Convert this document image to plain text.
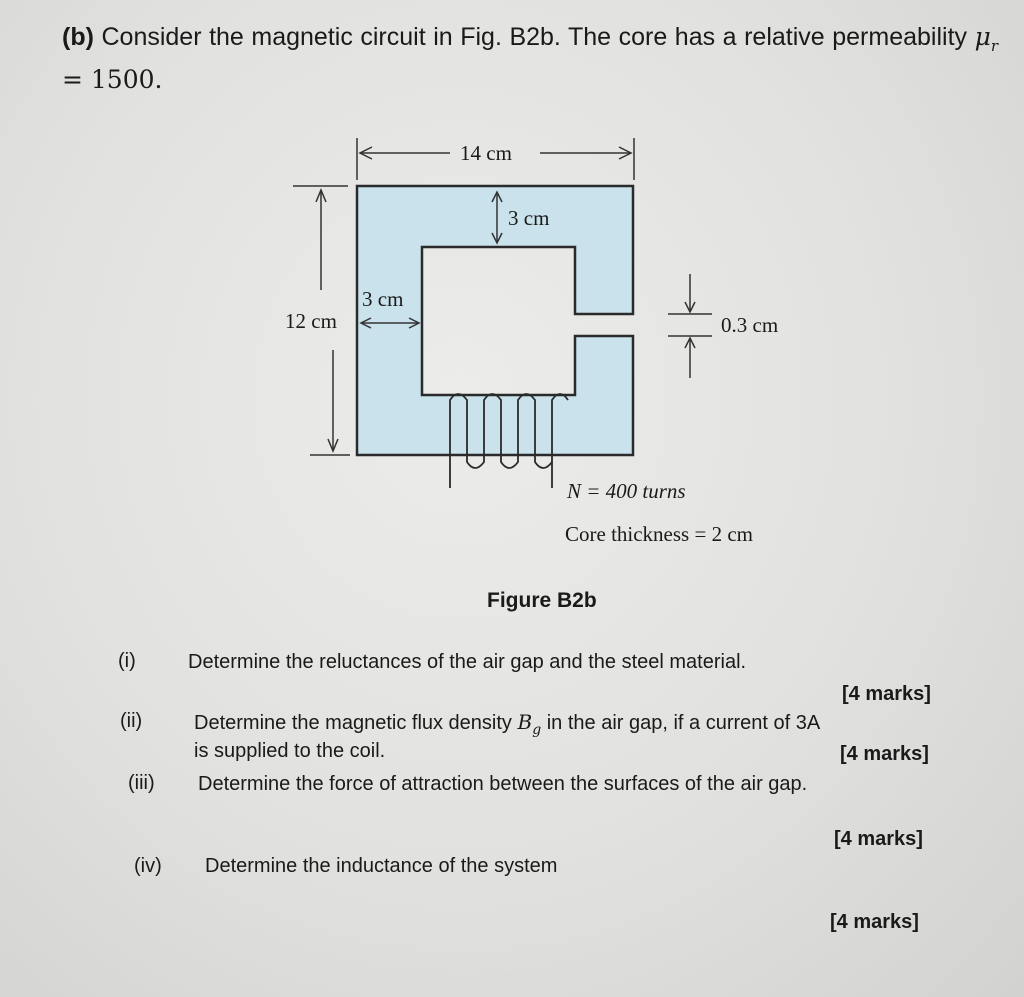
(b) Consider the magnetic circuit in Fig. B2b. The core has a relative permeability $\mu_r = 1500$.
14 cm
3 cm
12 cm
3 cm
0.3 cm
N = 400 turns
Core thickness = 2 cm
Figure B2b
(i)	Determine the reluctances of the air gap and the steel material.
[4 marks]
(ii)	Determine the magnetic flux density $B_g$ in the air gap, if a current of 3A
is supplied to the coil.	[4 marks]
(iii) Determine the force of attraction between the surfaces of the air gap.
[4 marks]
(iv) Determine the inductance of the system
[4 marks]
